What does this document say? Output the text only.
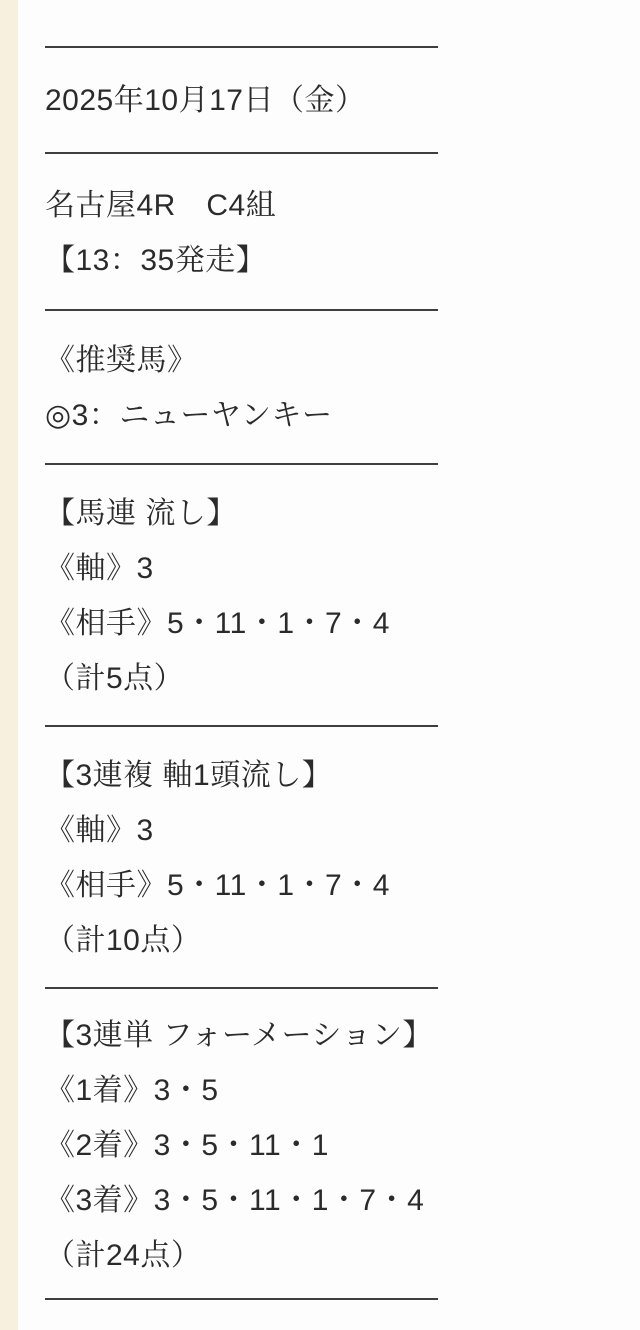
2025年10月17日（金）

名古屋4R　C4組

【13：35発走】

《推奨馬》

◎3：ニューヤンキー

【馬連 流し】

《軸》3

《相手》5・11・1・7・4

（計5点）

【3連複 軸1頭流し】

《軸》3

《相手》5・11・1・7・4

（計10点）

【3連単 フォーメーション】

《1着》3・5

《2着》3・5・11・1

《3着》3・5・11・1・7・4

（計24点）
